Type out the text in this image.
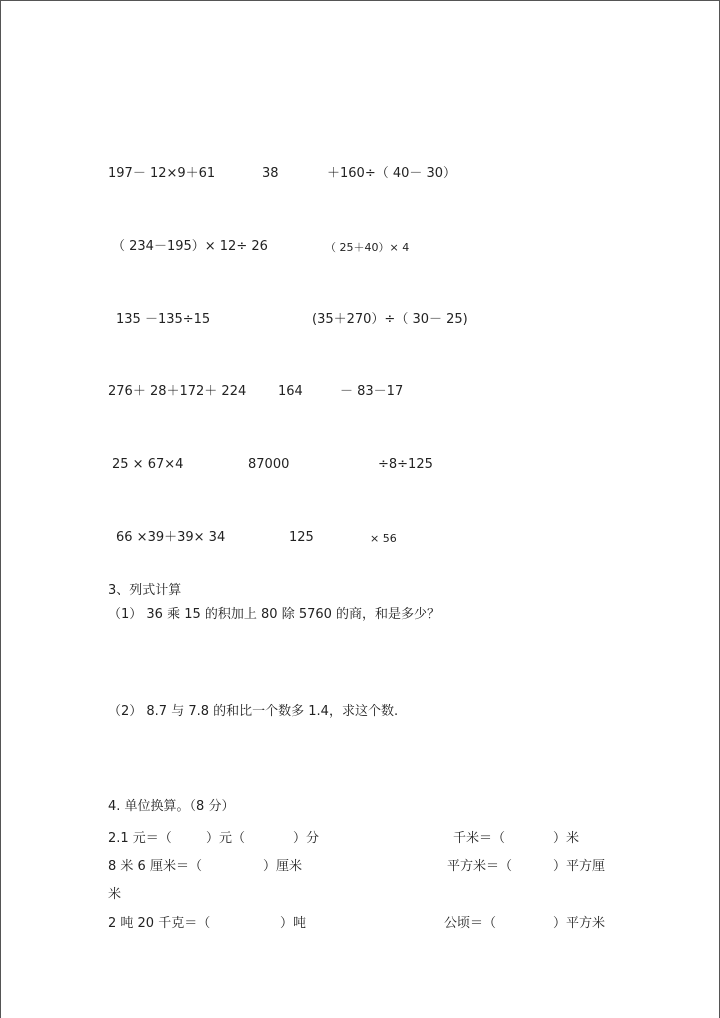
197－ 12×9＋61	38	＋160÷（ 40－ 30）
（ 234－195）× 12÷ 26	（ 25＋40）× 4
135 －135÷15	(35＋270）÷（ 30－ 25)
276＋ 28＋172＋ 224 164	－ 83－17
25 × 67×4	87000	÷8÷125
66 ×39＋39× 34	125	× 56
3、列式计算
（1） 36 乘 15 的积加上 80 除 5760 的商，和是多少？
（2） 8.7 与 7.8 的和比一个数多 1.4，求这个数.
4. 单位换算。（8 分）
2.1 元＝（	）元（	）分	千米＝（	）米
8 米 6 厘米＝（	）厘米	平方米＝（	）平方厘
米
2 吨 20 千克＝（	）吨	公顷＝（	）平方米
